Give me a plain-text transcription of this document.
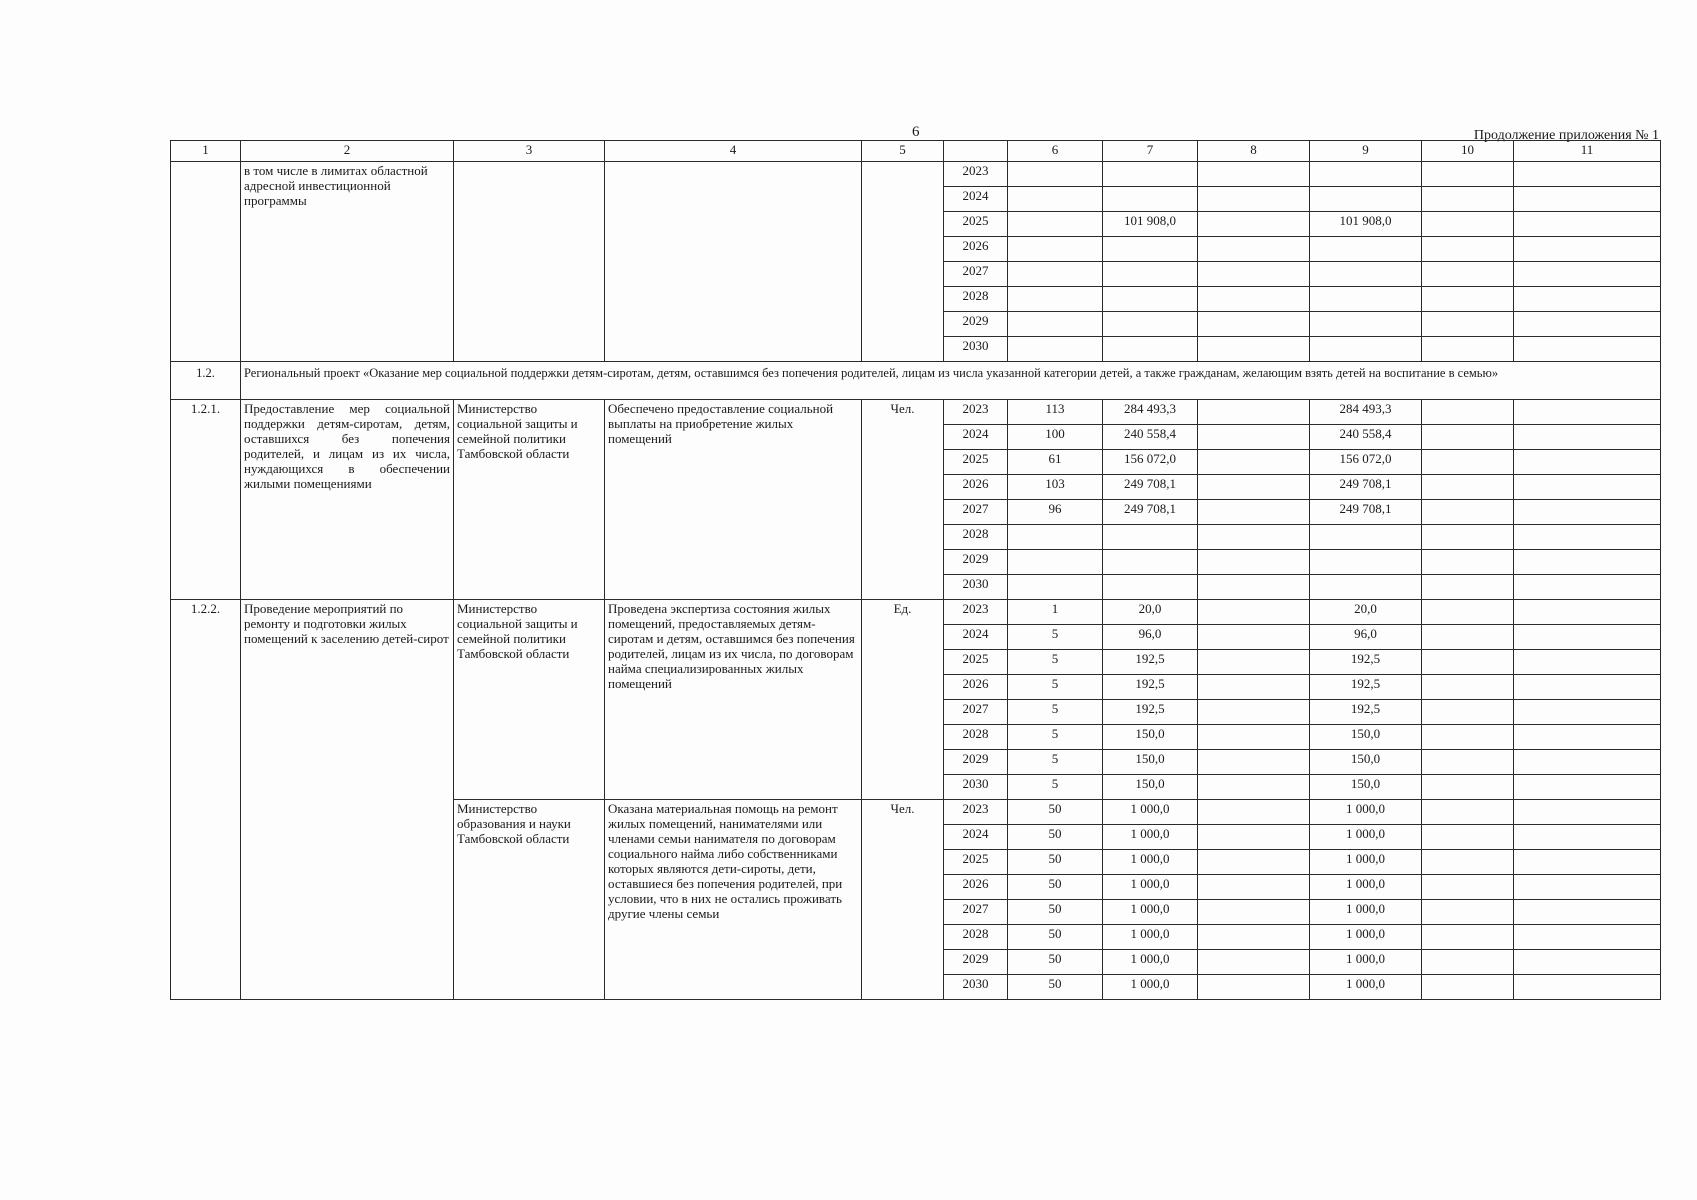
6	Продолжение приложения № 1
1	2	3	4	5		6	7	8	9	10	11
	в том числе в лимитах областной адресной инвестиционной программы				2023						
					2024						
					2025		101 908,0		101 908,0		
					2026						
					2027						
					2028						
					2029						
					2030						
1.2.	Региональный проект «Оказание мер социальной поддержки детям-сиротам, детям, оставшимся без попечения родителей, лицам из числа указанной категории детей, а также гражданам, желающим взять детей на воспитание в семью»										
1.2.1.	Предоставление мер социальной поддержки детям-сиротам, детям, оставшихся без попечения родителей, и лицам из их числа, нуждающихся в обеспечении жилыми помещениями	Министерство социальной защиты и семейной политики Тамбовской области	Обеспечено предоставление социальной выплаты на приобретение жилых помещений	Чел.	2023	113	284 493,3		284 493,3		
					2024	100	240 558,4		240 558,4		
					2025	61	156 072,0		156 072,0		
					2026	103	249 708,1		249 708,1		
					2027	96	249 708,1		249 708,1		
					2028						
					2029						
					2030						
1.2.2.	Проведение мероприятий по ремонту и подготовки жилых помещений к заселению детей-сирот	Министерство социальной защиты и семейной политики Тамбовской области	Проведена экспертиза состояния жилых помещений, предоставляемых детям-сиротам и детям, оставшимся без попечения родителей, лицам из их числа, по договорам найма специализированных жилых помещений	Ед.	2023	1	20,0		20,0		
					2024	5	96,0		96,0		
					2025	5	192,5		192,5		
					2026	5	192,5		192,5		
					2027	5	192,5		192,5		
					2028	5	150,0		150,0		
					2029	5	150,0		150,0		
					2030	5	150,0		150,0		
		Министерство образования и науки Тамбовской области	Оказана материальная помощь на ремонт жилых помещений, нанимателями или членами семьи нанимателя по договорам социального найма либо собственниками которых являются дети-сироты, дети, оставшиеся без попечения родителей, при условии, что в них не остались проживать другие члены семьи	Чел.	2023	50	1 000,0		1 000,0		
					2024	50	1 000,0		1 000,0		
					2025	50	1 000,0		1 000,0		
					2026	50	1 000,0		1 000,0		
					2027	50	1 000,0		1 000,0		
					2028	50	1 000,0		1 000,0		
					2029	50	1 000,0		1 000,0		
					2030	50	1 000,0		1 000,0		
